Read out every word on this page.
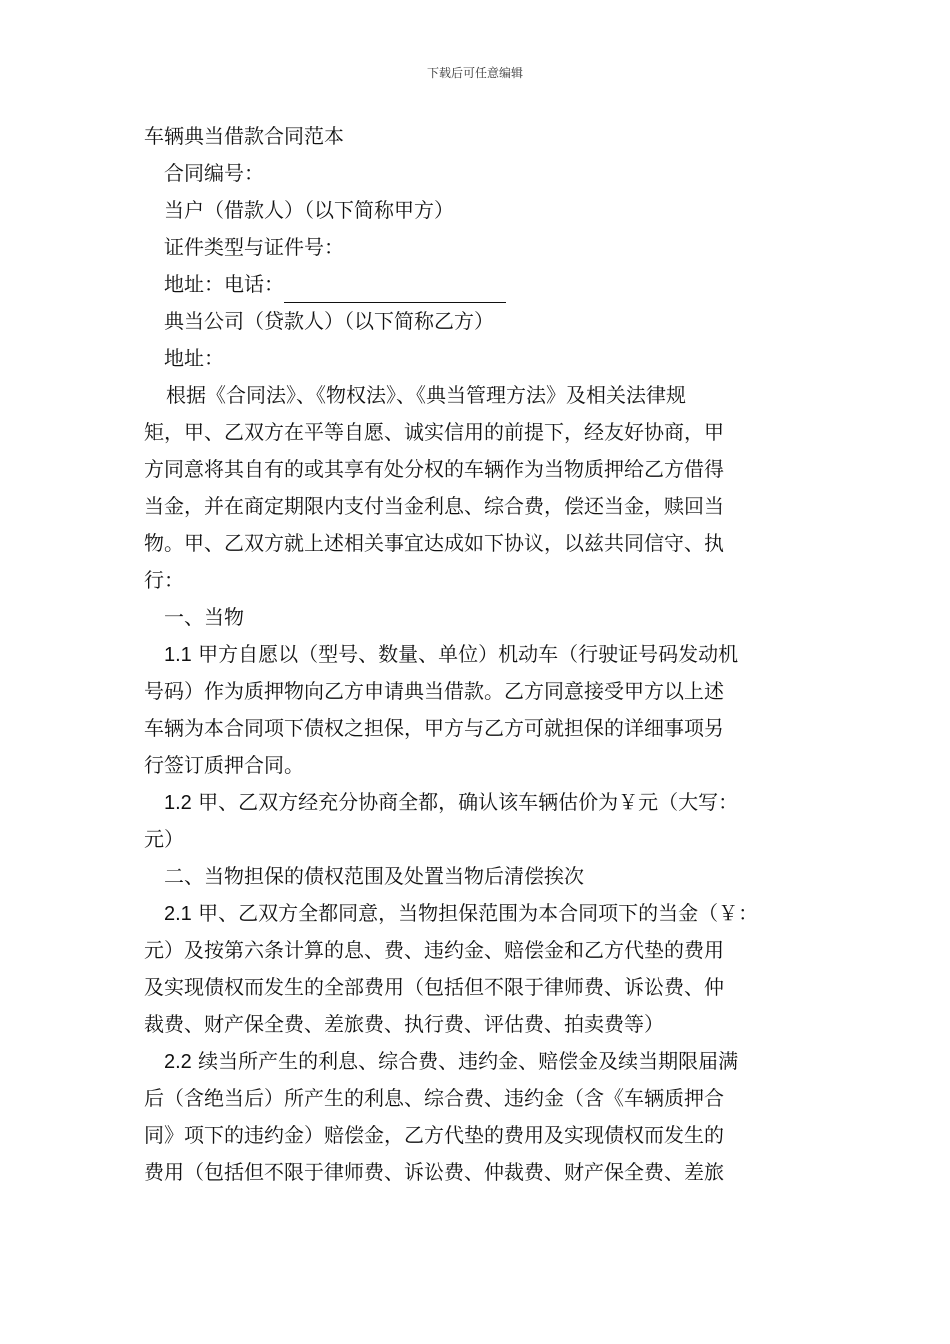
下载后可任意编辑
车辆典当借款合同范本
合同编号：
当户（借款人）（以下简称甲方）
证件类型与证件号：
地址：电话：
典当公司（贷款人）（以下简称乙方）
地址：
根据《合同法》、《物权法》、《典当管理方法》及相关法律规
矩，甲、乙双方在平等自愿、诚实信用的前提下，经友好协商，甲
方同意将其自有的或其享有处分权的车辆作为当物质押给乙方借得
当金，并在商定期限内支付当金利息、综合费，偿还当金，赎回当
物。甲、乙双方就上述相关事宜达成如下协议，以兹共同信守、执
行：
一、当物
1.1 甲方自愿以（型号、数量、单位）机动车（行驶证号码发动机
号码）作为质押物向乙方申请典当借款。乙方同意接受甲方以上述
车辆为本合同项下债权之担保，甲方与乙方可就担保的详细事项另
行签订质押合同。
1.2 甲、乙双方经充分协商全都，确认该车辆估价为￥元（大写：
元）
二、当物担保的债权范围及处置当物后清偿挨次
2.1 甲、乙双方全都同意，当物担保范围为本合同项下的当金（￥：
元）及按第六条计算的息、费、违约金、赔偿金和乙方代垫的费用
及实现债权而发生的全部费用（包括但不限于律师费、诉讼费、仲
裁费、财产保全费、差旅费、执行费、评估费、拍卖费等）
2.2 续当所产生的利息、综合费、违约金、赔偿金及续当期限届满
后（含绝当后）所产生的利息、综合费、违约金（含《车辆质押合
同》项下的违约金）赔偿金，乙方代垫的费用及实现债权而发生的
费用（包括但不限于律师费、诉讼费、仲裁费、财产保全费、差旅
